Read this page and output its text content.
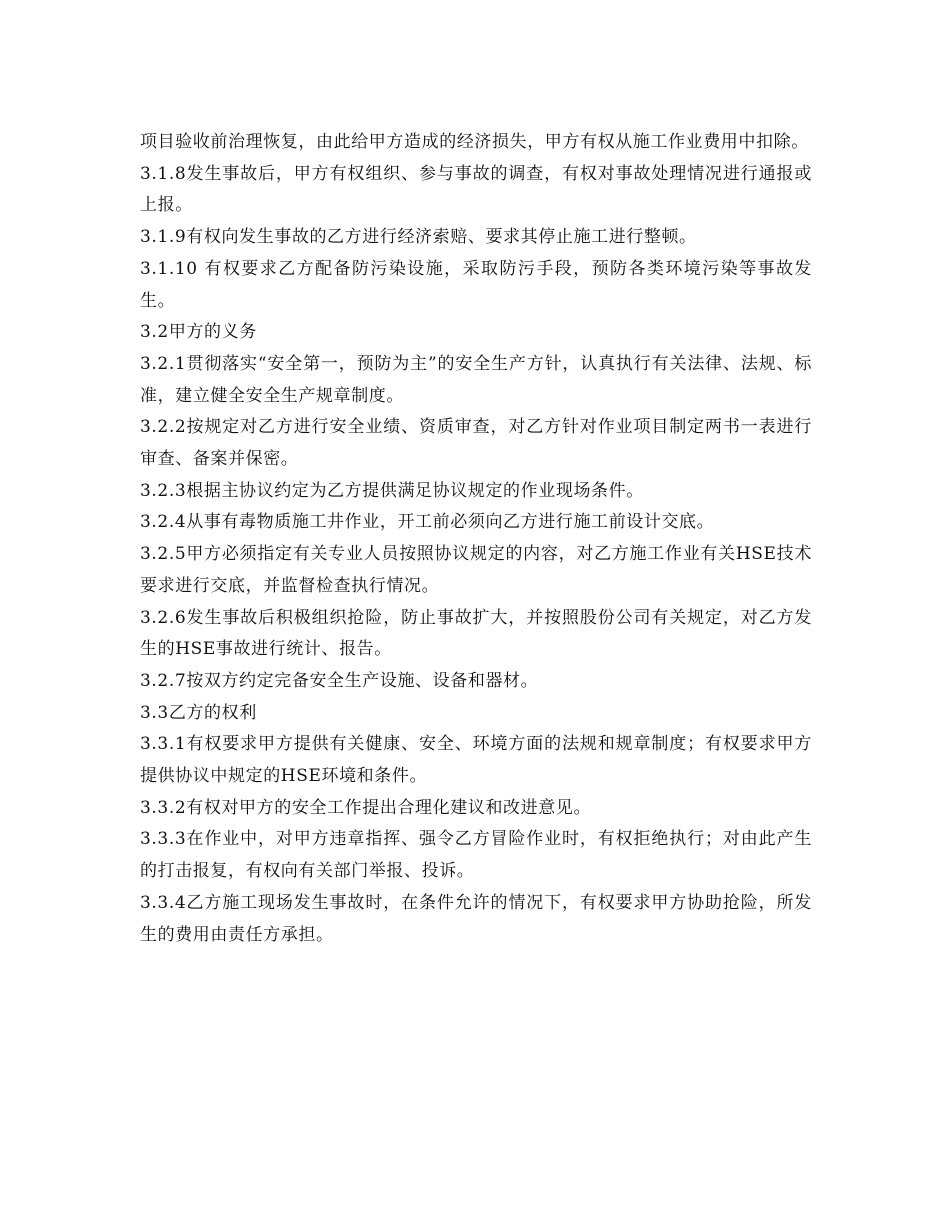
项目验收前治理恢复，由此给甲方造成的经济损失，甲方有权从施工作业费用中扣除。

3.1.8发生事故后，甲方有权组织、参与事故的调查，有权对事故处理情况进行通报或上报。

3.1.9有权向发生事故的乙方进行经济索赔、要求其停止施工进行整顿。

3.1.10 有权要求乙方配备防污染设施，采取防污手段，预防各类环境污染等事故发生。

3.2甲方的义务

3.2.1贯彻落实“安全第一，预防为主”的安全生产方针，认真执行有关法律、法规、标准，建立健全安全生产规章制度。

3.2.2按规定对乙方进行安全业绩、资质审查，对乙方针对作业项目制定两书一表进行审查、备案并保密。

3.2.3根据主协议约定为乙方提供满足协议规定的作业现场条件。

3.2.4从事有毒物质施工井作业，开工前必须向乙方进行施工前设计交底。

3.2.5甲方必须指定有关专业人员按照协议规定的内容，对乙方施工作业有关HSE技术要求进行交底，并监督检查执行情况。

3.2.6发生事故后积极组织抢险，防止事故扩大，并按照股份公司有关规定，对乙方发生的HSE事故进行统计、报告。

3.2.7按双方约定完备安全生产设施、设备和器材。

3.3乙方的权利

3.3.1有权要求甲方提供有关健康、安全、环境方面的法规和规章制度；有权要求甲方提供协议中规定的HSE环境和条件。

3.3.2有权对甲方的安全工作提出合理化建议和改进意见。

3.3.3在作业中，对甲方违章指挥、强令乙方冒险作业时，有权拒绝执行；对由此产生的打击报复，有权向有关部门举报、投诉。

3.3.4乙方施工现场发生事故时，在条件允许的情况下，有权要求甲方协助抢险，所发生的费用由责任方承担。
